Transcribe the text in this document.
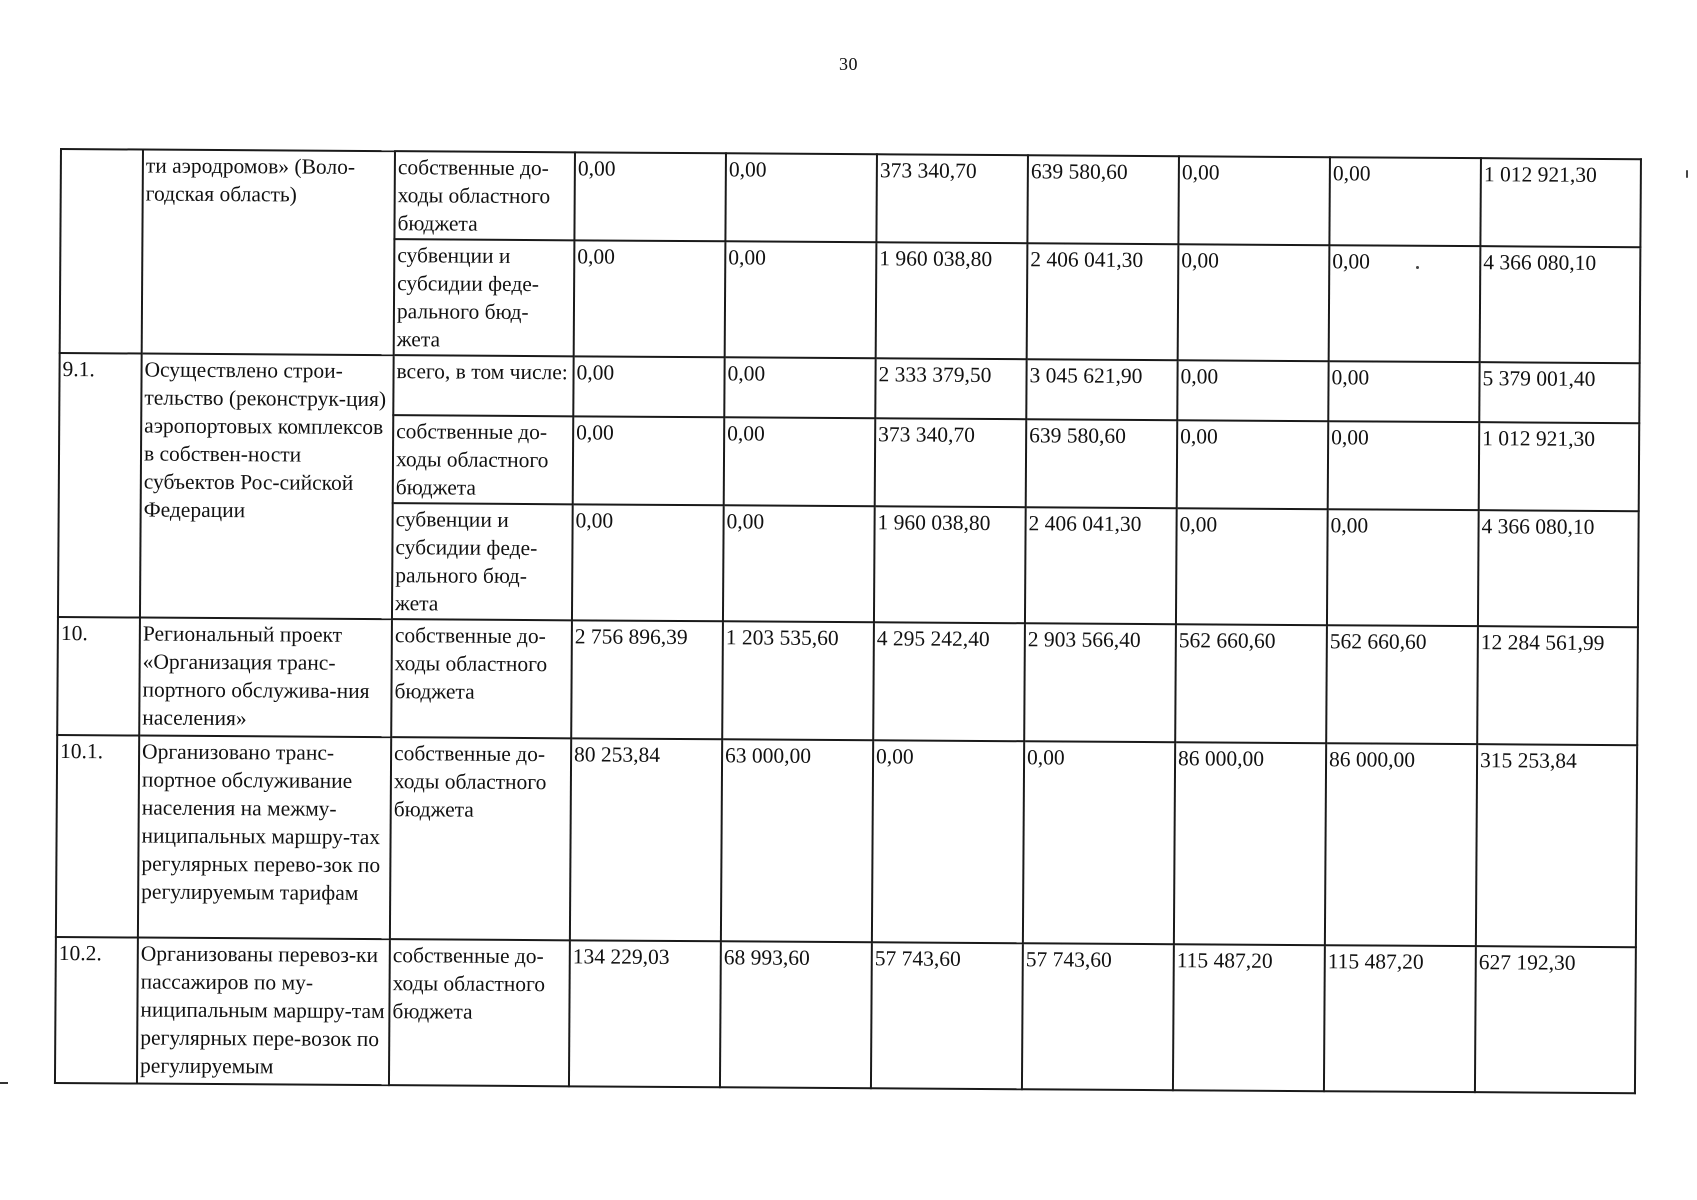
30
	ти аэродромов» (Воло-годская область)	собственные до-ходы областного бюджета	0,00	0,00	373 340,70	639 580,60	0,00	0,00	1 012 921,30
		субвенции и субсидии феде-рального бюд-жета	0,00	0,00	1 960 038,80	2 406 041,30	0,00	0,00	4 366 080,10
9.1.	Осуществлено строи-тельство (реконструк-ция) аэропортовых комплексов в собствен-ности субъектов Рос-сийской Федерации	всего, в том числе:	0,00	0,00	2 333 379,50	3 045 621,90	0,00	0,00	5 379 001,40
		собственные до-ходы областного бюджета	0,00	0,00	373 340,70	639 580,60	0,00	0,00	1 012 921,30
		субвенции и субсидии феде-рального бюд-жета	0,00	0,00	1 960 038,80	2 406 041,30	0,00	0,00	4 366 080,10
10.	Региональный проект «Организация транс-портного обслужива-ния населения»	собственные до-ходы областного бюджета	2 756 896,39	1 203 535,60	4 295 242,40	2 903 566,40	562 660,60	562 660,60	12 284 561,99
10.1.	Организовано транс-портное обслуживание населения на межму-ниципальных маршру-тах регулярных перево-зок по регулируемым тарифам	собственные до-ходы областного бюджета	80 253,84	63 000,00	0,00	0,00	86 000,00	86 000,00	315 253,84
10.2.	Организованы перевоз-ки пассажиров по му-ниципальным маршру-там регулярных пере-возок по регулируемым	собственные до-ходы областного бюджета	134 229,03	68 993,60	57 743,60	57 743,60	115 487,20	115 487,20	627 192,30
